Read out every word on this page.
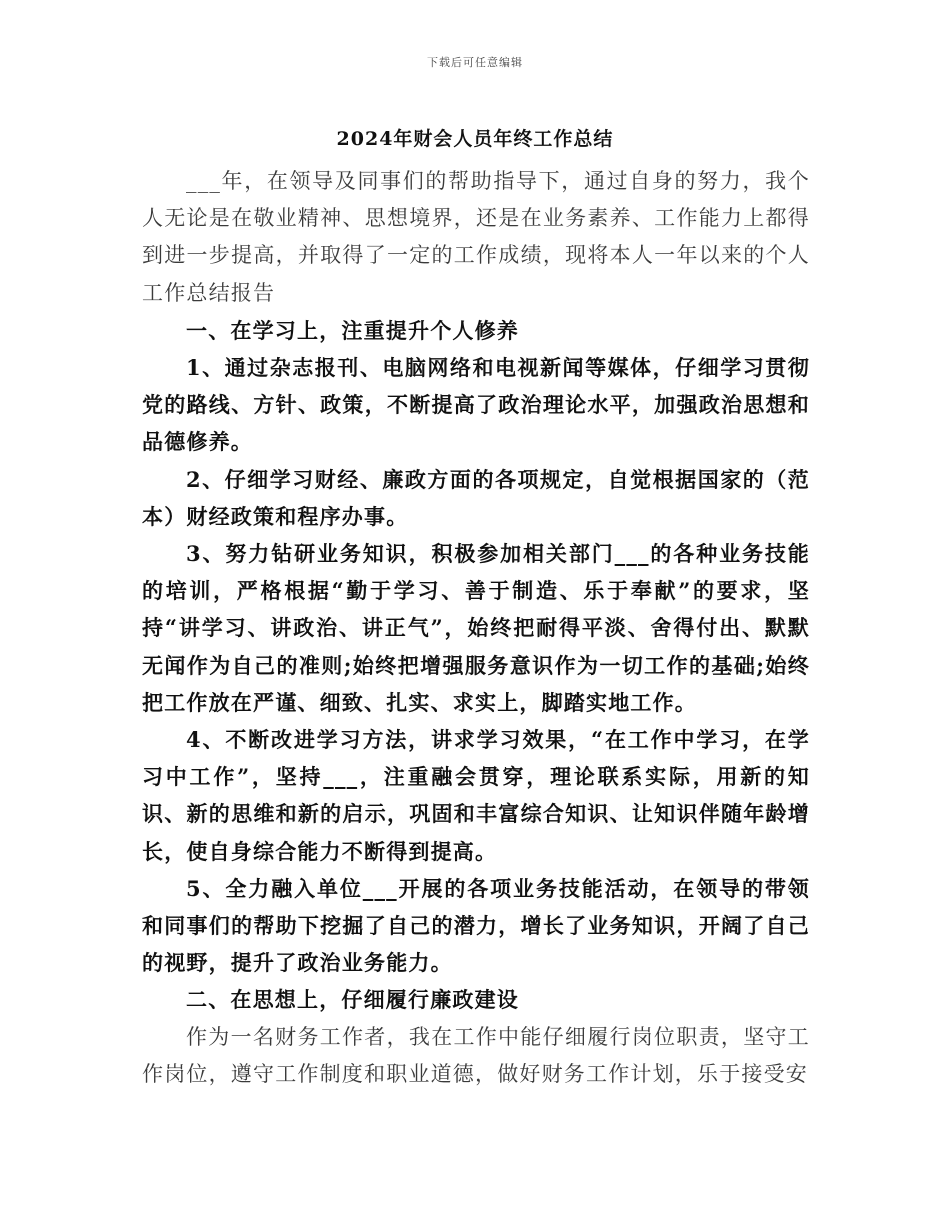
下载后可任意编辑
2024年财会人员年终工作总结

___年，在领导及同事们的帮助指导下，通过自身的努力，我个人无论是在敬业精神、思想境界，还是在业务素养、工作能力上都得到进一步提高，并取得了一定的工作成绩，现将本人一年以来的个人工作总结报告

一、在学习上，注重提升个人修养

1、通过杂志报刊、电脑网络和电视新闻等媒体，仔细学习贯彻党的路线、方针、政策，不断提高了政治理论水平，加强政治思想和品德修养。

2、仔细学习财经、廉政方面的各项规定，自觉根据国家的（范本）财经政策和程序办事。

3、努力钻研业务知识，积极参加相关部门___的各种业务技能的培训，严格根据“勤于学习、善于制造、乐于奉献”的要求，坚持“讲学习、讲政治、讲正气”，始终把耐得平淡、舍得付出、默默无闻作为自己的准则;始终把增强服务意识作为一切工作的基础;始终把工作放在严谨、细致、扎实、求实上，脚踏实地工作。

4、不断改进学习方法，讲求学习效果，“在工作中学习，在学习中工作”，坚持___，注重融会贯穿，理论联系实际，用新的知识、新的思维和新的启示，巩固和丰富综合知识、让知识伴随年龄增长，使自身综合能力不断得到提高。

5、全力融入单位___开展的各项业务技能活动，在领导的带领和同事们的帮助下挖掘了自己的潜力，增长了业务知识，开阔了自己的视野，提升了政治业务能力。

二、在思想上，仔细履行廉政建设

作为一名财务工作者，我在工作中能仔细履行岗位职责，坚守工作岗位，遵守工作制度和职业道德，做好财务工作计划，乐于接受安
